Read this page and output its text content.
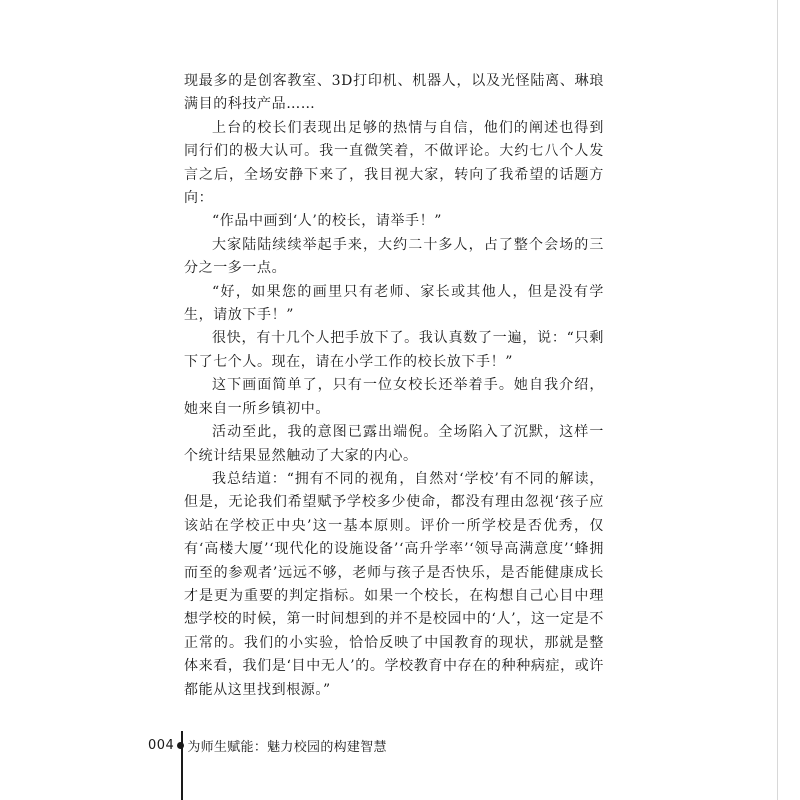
现最多的是创客教室、3D打印机、机器人，以及光怪陆离、琳琅满目的科技产品……

上台的校长们表现出足够的热情与自信，他们的阐述也得到同行们的极大认可。我一直微笑着，不做评论。大约七八个人发言之后，全场安静下来了，我目视大家，转向了我希望的话题方向：

“作品中画到‘人’的校长，请举手！”

大家陆陆续续举起手来，大约二十多人，占了整个会场的三分之一多一点。

“好，如果您的画里只有老师、家长或其他人，但是没有学生，请放下手！”

很快，有十几个人把手放下了。我认真数了一遍，说：“只剩下了七个人。现在，请在小学工作的校长放下手！”

这下画面简单了，只有一位女校长还举着手。她自我介绍，她来自一所乡镇初中。

活动至此，我的意图已露出端倪。全场陷入了沉默，这样一个统计结果显然触动了大家的内心。

我总结道：“拥有不同的视角，自然对‘学校’有不同的解读，但是，无论我们希望赋予学校多少使命，都没有理由忽视‘孩子应该站在学校正中央’这一基本原则。评价一所学校是否优秀，仅有‘高楼大厦’‘现代化的设施设备’‘高升学率’‘领导高满意度’‘蜂拥而至的参观者’远远不够，老师与孩子是否快乐，是否能健康成长才是更为重要的判定指标。如果一个校长，在构想自己心目中理想学校的时候，第一时间想到的并不是校园中的‘人’，这一定是不正常的。我们的小实验，恰恰反映了中国教育的现状，那就是整体来看，我们是‘目中无人’的。学校教育中存在的种种病症，或许都能从这里找到根源。”

004 为师生赋能：魅力校园的构建智慧
